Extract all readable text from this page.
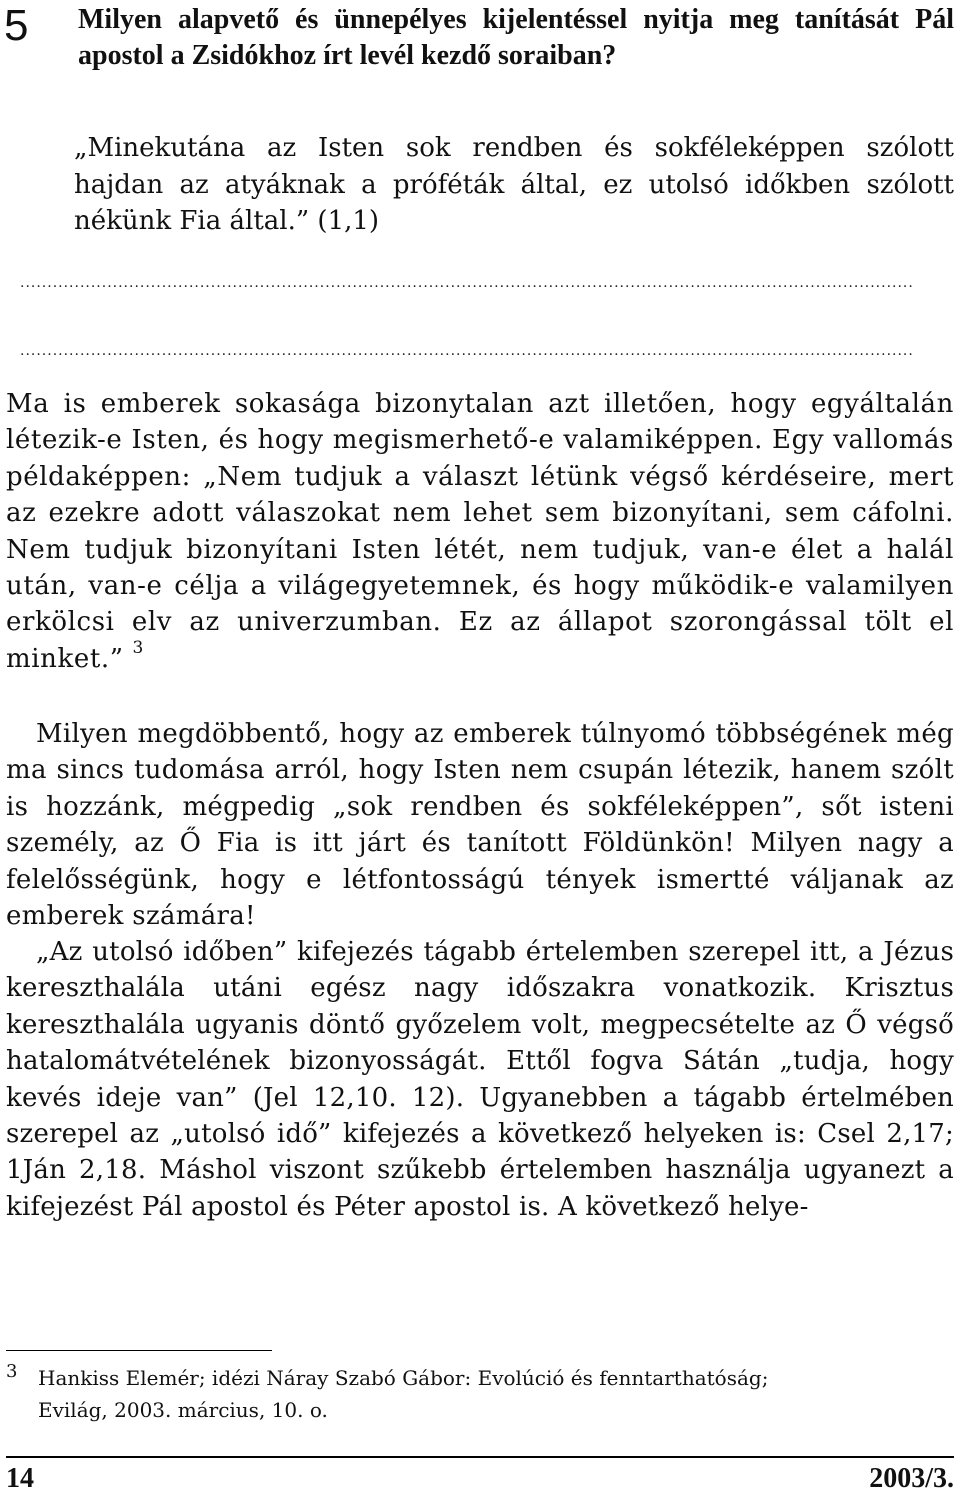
5 Milyen alapvető és ünnepélyes kijelentéssel nyitja meg tanítását Pál apostol a Zsidókhoz írt levél kezdő soraiban?

„Minekutána az Isten sok rendben és sokféleképpen szólott hajdan az atyáknak a próféták által, ez utolsó időkben szólott nékünk Fia által.” (1,1)

....................................................................................................................................................................
....................................................................................................................................................................

Ma is emberek sokasága bizonytalan azt illetően, hogy egyáltalán létezik-e Isten, és hogy megismerhető-e valamiképpen. Egy vallomás példaképpen: „Nem tudjuk a választ létünk végső kérdéseire, mert az ezekre adott válaszokat nem lehet sem bizonyítani, sem cáfolni. Nem tudjuk bizonyítani Isten létét, nem tudjuk, van-e élet a halál után, van-e célja a világegyetemnek, és hogy működik-e valamilyen erkölcsi elv az univerzumban. Ez az állapot szorongással tölt el minket.” $^3$

Milyen megdöbbentő, hogy az emberek túlnyomó többségének még ma sincs tudomása arról, hogy Isten nem csupán létezik, hanem szólt is hozzánk, mégpedig „sok rendben és sokféleképpen”, sőt isteni személy, az Ő Fia is itt járt és tanított Földünkön! Milyen nagy a felelősségünk, hogy e létfontosságú tények ismertté váljanak az emberek számára!

„Az utolsó időben” kifejezés tágabb értelemben szerepel itt, a Jézus kereszthalála utáni egész nagy időszakra vonatkozik. Krisztus kereszthalála ugyanis döntő győzelem volt, megpecsételte az Ő végső hatalomátvételének bizonyosságát. Ettől fogva Sátán „tudja, hogy kevés ideje van” (Jel 12,10. 12). Ugyanebben a tágabb értelmében szerepel az „utolsó idő” kifejezés a következő helyeken is: Csel 2,17; 1Ján 2,18. Máshol viszont szűkebb értelemben használja ugyanezt a kifejezést Pál apostol és Péter apostol is. A következő helye-

3 Hankiss Elemér; idézi Náray Szabó Gábor: Evolúció és fenntarthatóság;
Evilág, 2003. március, 10. o.
14	2003/3.
